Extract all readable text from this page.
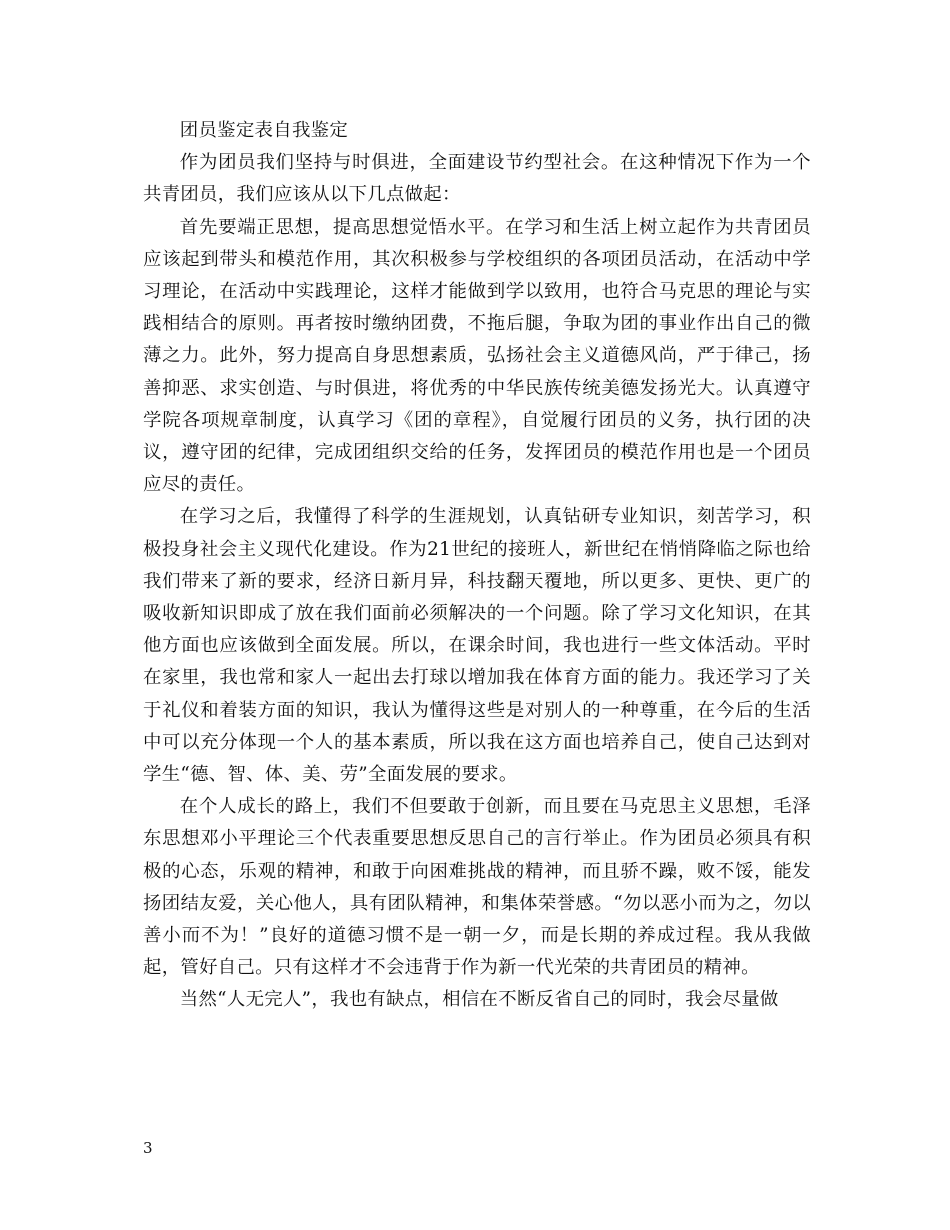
团员鉴定表自我鉴定

作为团员我们坚持与时俱进，全面建设节约型社会。在这种情况下作为一个共青团员，我们应该从以下几点做起：

首先要端正思想，提高思想觉悟水平。在学习和生活上树立起作为共青团员应该起到带头和模范作用，其次积极参与学校组织的各项团员活动，在活动中学习理论，在活动中实践理论，这样才能做到学以致用，也符合马克思的理论与实践相结合的原则。再者按时缴纳团费，不拖后腿，争取为团的事业作出自己的微薄之力。此外，努力提高自身思想素质，弘扬社会主义道德风尚，严于律己，扬善抑恶、求实创造、与时俱进，将优秀的中华民族传统美德发扬光大。认真遵守学院各项规章制度，认真学习《团的章程》，自觉履行团员的义务，执行团的决议，遵守团的纪律，完成团组织交给的任务，发挥团员的模范作用也是一个团员应尽的责任。

在学习之后，我懂得了科学的生涯规划，认真钻研专业知识，刻苦学习，积极投身社会主义现代化建设。作为21世纪的接班人，新世纪在悄悄降临之际也给我们带来了新的要求，经济日新月异，科技翻天覆地，所以更多、更快、更广的吸收新知识即成了放在我们面前必须解决的一个问题。除了学习文化知识，在其他方面也应该做到全面发展。所以，在课余时间，我也进行一些文体活动。平时在家里，我也常和家人一起出去打球以增加我在体育方面的能力。我还学习了关于礼仪和着装方面的知识，我认为懂得这些是对别人的一种尊重，在今后的生活中可以充分体现一个人的基本素质，所以我在这方面也培养自己，使自己达到对学生“德、智、体、美、劳”全面发展的要求。

在个人成长的路上，我们不但要敢于创新，而且要在马克思主义思想，毛泽东思想邓小平理论三个代表重要思想反思自己的言行举止。作为团员必须具有积极的心态，乐观的精神，和敢于向困难挑战的精神，而且骄不躁，败不馁，能发扬团结友爱，关心他人，具有团队精神，和集体荣誉感。“勿以恶小而为之，勿以善小而不为！”良好的道德习惯不是一朝一夕，而是长期的养成过程。我从我做起，管好自己。只有这样才不会违背于作为新一代光荣的共青团员的精神。

当然“人无完人”，我也有缺点，相信在不断反省自己的同时，我会尽量做

3
